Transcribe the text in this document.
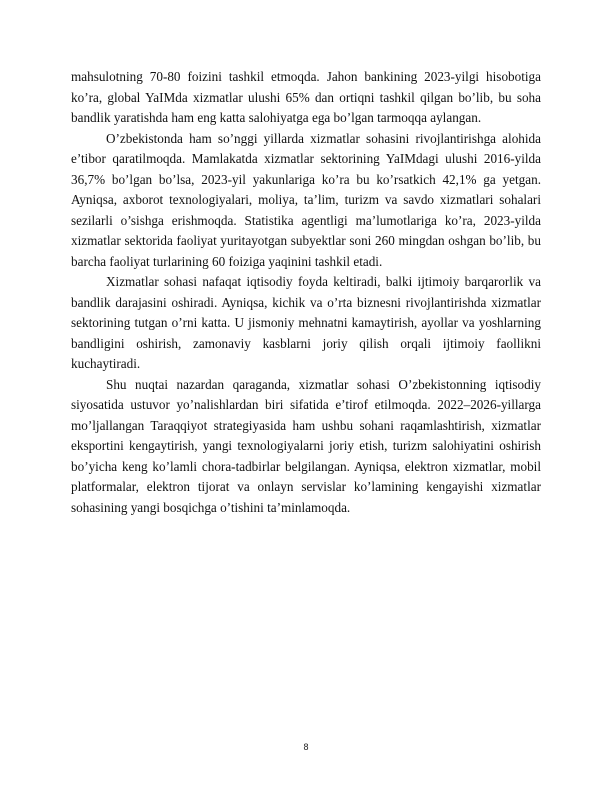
mahsulotning 70-80 foizini tashkil etmoqda. Jahon bankining 2023-yilgi hisobotiga ko’ra, global YaIMda xizmatlar ulushi 65% dan ortiqni tashkil qilgan bo’lib, bu soha bandlik yaratishda ham eng katta salohiyatga ega bo’lgan tarmoqqa aylangan.

O’zbekistonda ham so’nggi yillarda xizmatlar sohasini rivojlantirishga alohida e’tibor qaratilmoqda. Mamlakatda xizmatlar sektorining YaIMdagi ulushi 2016-yilda 36,7% bo’lgan bo’lsa, 2023-yil yakunlariga ko’ra bu ko’rsatkich 42,1% ga yetgan. Ayniqsa, axborot texnologiyalari, moliya, ta’lim, turizm va savdo xizmatlari sohalari sezilarli o’sishga erishmoqda. Statistika agentligi ma’lumotlariga ko’ra, 2023-yilda xizmatlar sektorida faoliyat yuritayotgan subyektlar soni 260 mingdan oshgan bo’lib, bu barcha faoliyat turlarining 60 foiziga yaqinini tashkil etadi.

Xizmatlar sohasi nafaqat iqtisodiy foyda keltiradi, balki ijtimoiy barqarorlik va bandlik darajasini oshiradi. Ayniqsa, kichik va o’rta biznesni rivojlantirishda xizmatlar sektorining tutgan o’rni katta. U jismoniy mehnatni kamaytirish, ayollar va yoshlarning bandligini oshirish, zamonaviy kasblarni joriy qilish orqali ijtimoiy faollikni kuchaytiradi.

Shu nuqtai nazardan qaraganda, xizmatlar sohasi O’zbekistonning iqtisodiy siyosatida ustuvor yo’nalishlardan biri sifatida e’tirof etilmoqda. 2022–2026-yillarga mo’ljallangan Taraqqiyot strategiyasida ham ushbu sohani raqamlashtirish, xizmatlar eksportini kengaytirish, yangi texnologiyalarni joriy etish, turizm salohiyatini oshirish bo’yicha keng ko’lamli chora-tadbirlar belgilangan. Ayniqsa, elektron xizmatlar, mobil platformalar, elektron tijorat va onlayn servislar ko’lamining kengayishi xizmatlar sohasining yangi bosqichga o’tishini ta’minlamoqda.

8
